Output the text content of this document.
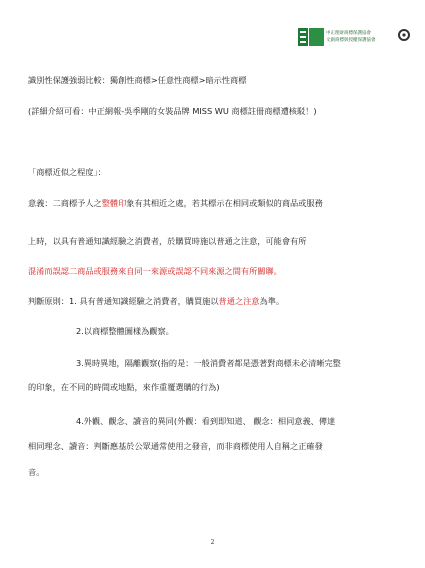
中正理財商標保護協會
文創商標與授權保護協會
識別性保護強弱比較：獨創性商標>任意性商標>暗示性商標
(詳細介紹可看：中正網報-吳季剛的女裝品牌 MISS WU 商標註冊商標遭核駁！)
「商標近似之程度」：
意義：二商標予人之整體印象有其相近之處，若其標示在相同或類似的商品或服務
上時，以具有普通知識經驗之消費者，於購買時施以普通之注意，可能會有所
混淆而誤認二商品或服務來自同一來源或誤認不同來源之間有所關聯。
判斷原則：1. 具有普通知識經驗之消費者，購買施以普通之注意為準。
2.以商標整體圖樣為觀察。
3.異時異地，隔離觀察(指的是：一般消費者都是憑著對商標未必清晰完整
的印象，在不同的時間或地點，來作重覆選購的行為)
4.外觀、觀念、讀音的異同(外觀：看到即知道、 觀念：相同意義、傳達
相同理念、讀音：判斷應基於公眾通常使用之發音，而非商標使用人自稱之正確發
音。
2
